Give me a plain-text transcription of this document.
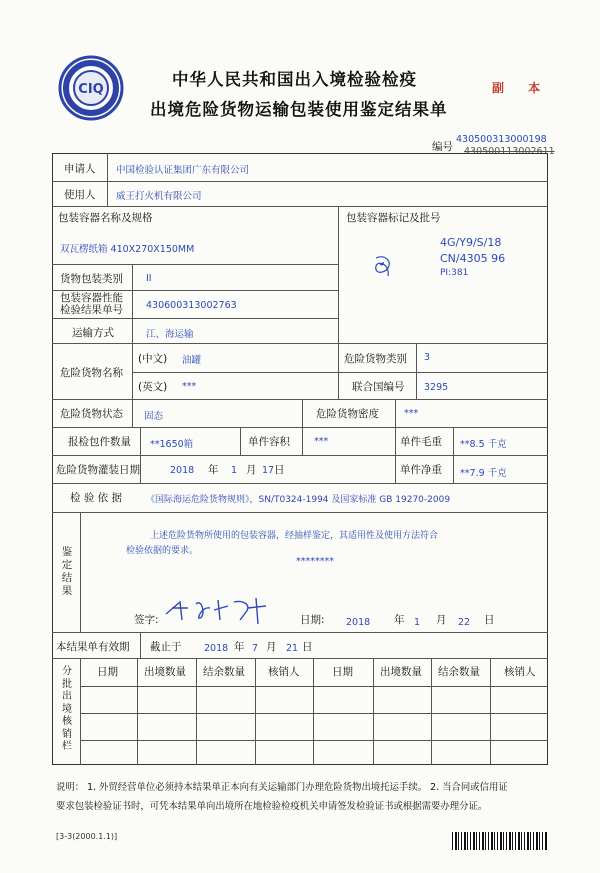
CIQ
中华人民共和国出入境检验检疫
出境危险货物运输包装使用鉴定结果单
副 本
编号
430500313000198
430500113002611
申请人 中国检验认证集团广东有限公司
使用人 威王打火机有限公司
包装容器名称及规格
双瓦楞纸箱 410X270X150MM
包装容器标记及批号
4G/Y9/S/18
CN/4305 96
PI:381
货物包装类别 II
包装容器性能
检验结果单号 430600313002763
运输方式	江、海运输
危险货物名称
(中文) 油罐
(英文) ***
危险货物类别 3
联合国编号 3295
危险货物状态 固态	危险货物密度	***
报检包件数量 **1650箱	单件容积	***	单件毛重 **8.5 千克
危险货物灌装日期	2018 年 1 月 17 日	单件净重 **7.9 千克
检 验 依 据	《国际海运危险货物规则》，SN/T0324-1994 及国家标准 GB 19270-2009
鉴定结果
上述危险货物所使用的包装容器，经抽样鉴定，其适用性及使用方法符合
检验依据的要求。
********
签字:	日期: 2018 年 1 月 22 日
本结果单有效期 截止于 2018 年 7 月 21 日
分批出境核销栏
日期 出境数量 结余数量 核销人	日期	出境数量 结余数量 核销人
说明： 1. 外贸经营单位必须持本结果单正本向有关运输部门办理危险货物出境托运手续。 2. 当合同或信用证
要求包装检验证书时，可凭本结果单向出境所在地检验检疫机关申请签发检验证书或根据需要办理分证。
[3-3(2000.1.1)]
